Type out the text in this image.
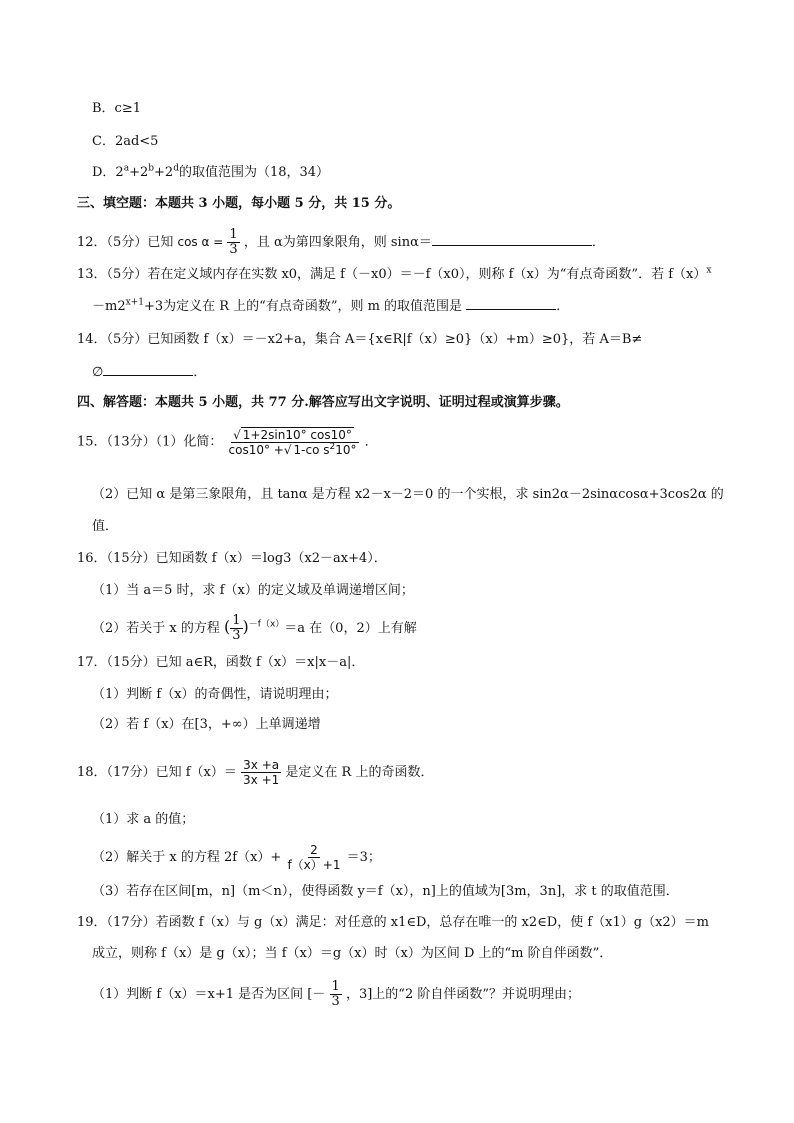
B．c≥1
C．2ad<5
D．$2^a+2^b+2^d$的取值范围为（18，34）
三、填空题：本题共 3 小题，每小题 5 分，共 15 分。
12．（5分）已知 $\cos \alpha = \frac{1}{3}$ ，且 α为第四象限角，则 sinα＝	．
13．（5分）若在定义域内存在实数 x0，满足 f（－x0）＝－f（x0），则称 f（x）为“有点奇函数”．若 $f(x)^x$
$-m2^{x+1}+3$为定义在 R 上的“有点奇函数”，则 m 的取值范围是	．
14．（5分）已知函数 f（x）＝－x2+a，集合 A＝{x∈R|f（x）≥0}（x）+m）≥0}，若 A＝B≠
∅	．
四、解答题：本题共 5 小题，共 77 分.解答应写出文字说明、证明过程或演算步骤。
15．（13分）（1）化简： $\frac{√ 1+2\sin 10^\circ \cos 10^\circ}{\cos 10^\circ +√ 1-co s^210^\circ}$ ．
（2）已知 α 是第三象限角，且 tanα 是方程 x2－x－2＝0 的一个实根，求 sin2α－2sinαcosα+3cos2α 的
值．
16．（15分）已知函数 f（x）＝log3（x2－ax+4）．
（1）当 a＝5 时，求 f（x）的定义域及单调递增区间；
（2）若关于 x 的方程 ( $\frac{1}{3} )^{-f(x)}=a$ 在（0，2）上有解
17．（15分）已知 a∈R，函数 f（x）＝x|x－a|．
（1）判断 f（x）的奇偶性，请说明理由；
（2）若 f（x）在[3，+∞）上单调递增
18．（17分）已知 $f(x)= \frac{3x +a}{3x +1}$ 是定义在 R 上的奇函数．
（1）求 a 的值；
（2）解关于 x 的方程 $2f(x)+ \frac{2}{f(x)+1} =3$；
（3）若存在区间[m，n]（m＜n），使得函数 y＝f（x），n]上的值域为[3m，3n]，求 t 的取值范围．
19．（17分）若函数 f（x）与 g（x）满足：对任意的 x1∈D，总存在唯一的 x2∈D，使 f（x1）g（x2）＝m
成立，则称 f（x）是 g（x）；当 f（x）＝g（x）时（x）为区间 D 上的“m 阶自伴函数”．
（1）判断 f（x）＝x+1 是否为区间 [－ $\frac{1}{3}$ ，3]上的“2 阶自伴函数”？并说明理由；
